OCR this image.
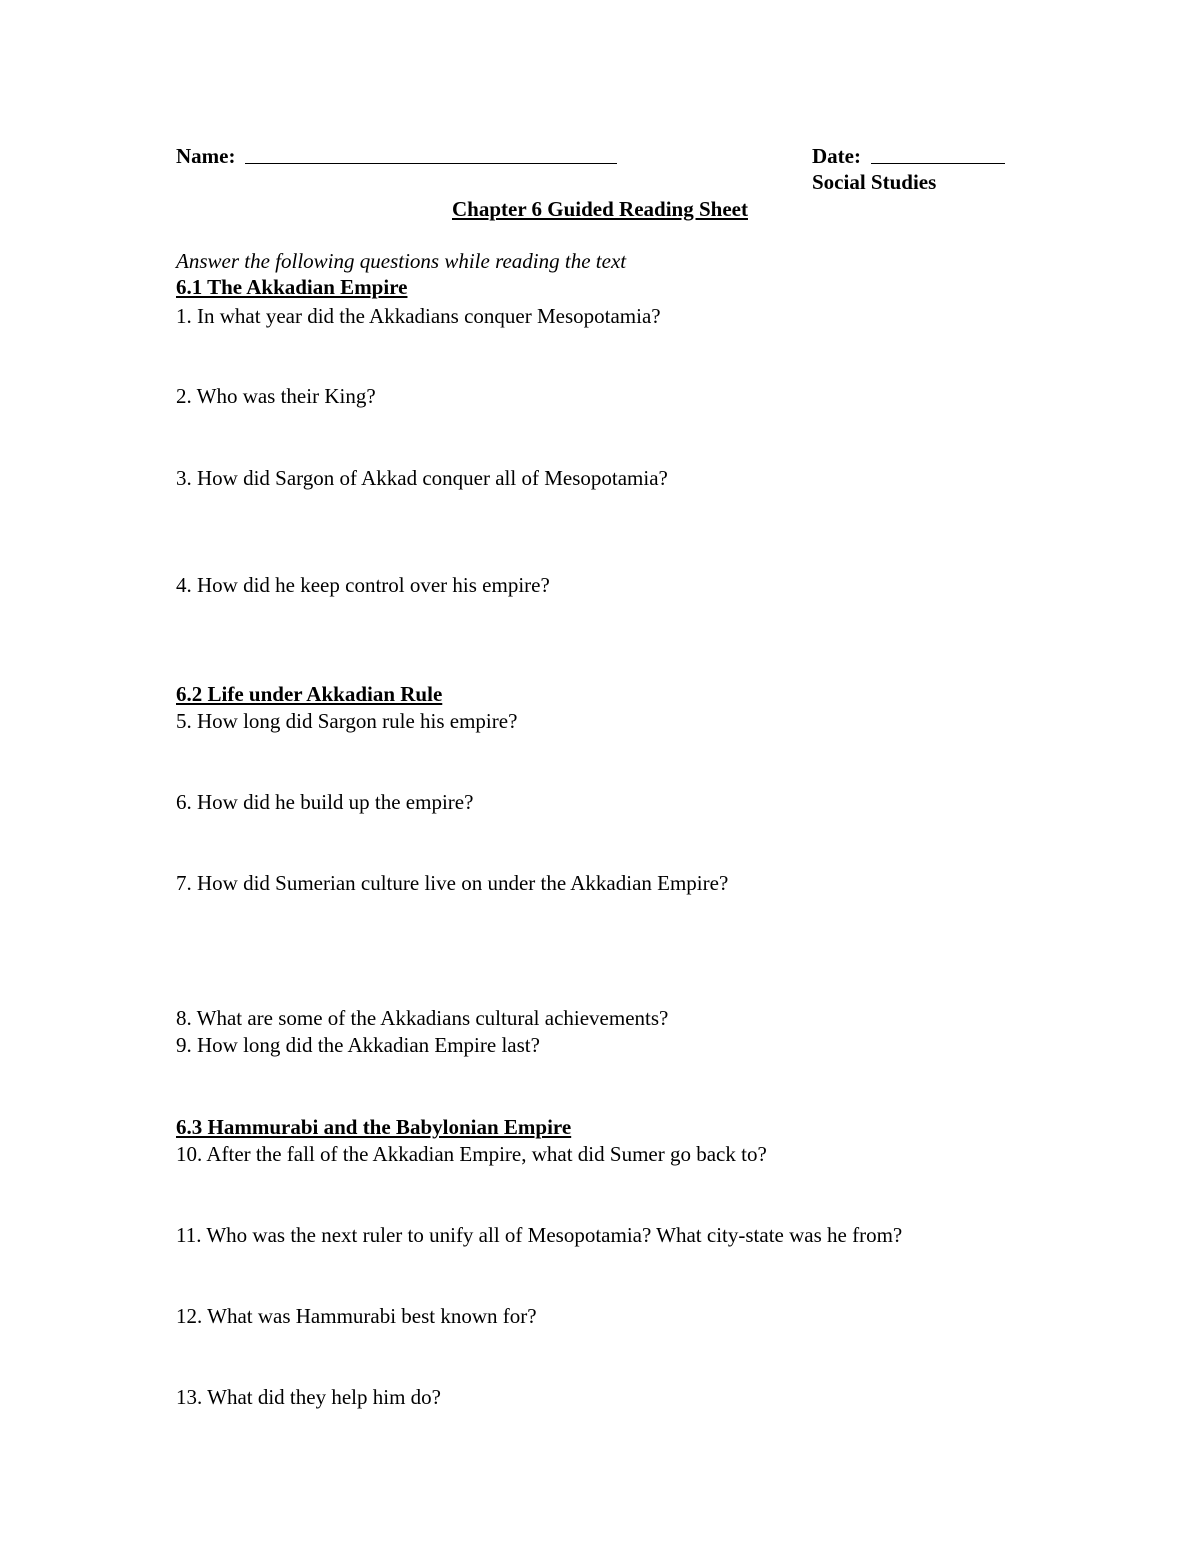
Name:	Date:
Social Studies
Chapter 6 Guided Reading Sheet
Answer the following questions while reading the text
6.1 The Akkadian Empire
1. In what year did the Akkadians conquer Mesopotamia?
2. Who was their King?
3. How did Sargon of Akkad conquer all of Mesopotamia?
4. How did he keep control over his empire?
6.2 Life under Akkadian Rule
5. How long did Sargon rule his empire?
6. How did he build up the empire?
7. How did Sumerian culture live on under the Akkadian Empire?
8. What are some of the Akkadians cultural achievements?
9. How long did the Akkadian Empire last?
6.3 Hammurabi and the Babylonian Empire
10. After the fall of the Akkadian Empire, what did Sumer go back to?
11. Who was the next ruler to unify all of Mesopotamia? What city-state was he from?
12. What was Hammurabi best known for?
13. What did they help him do?
